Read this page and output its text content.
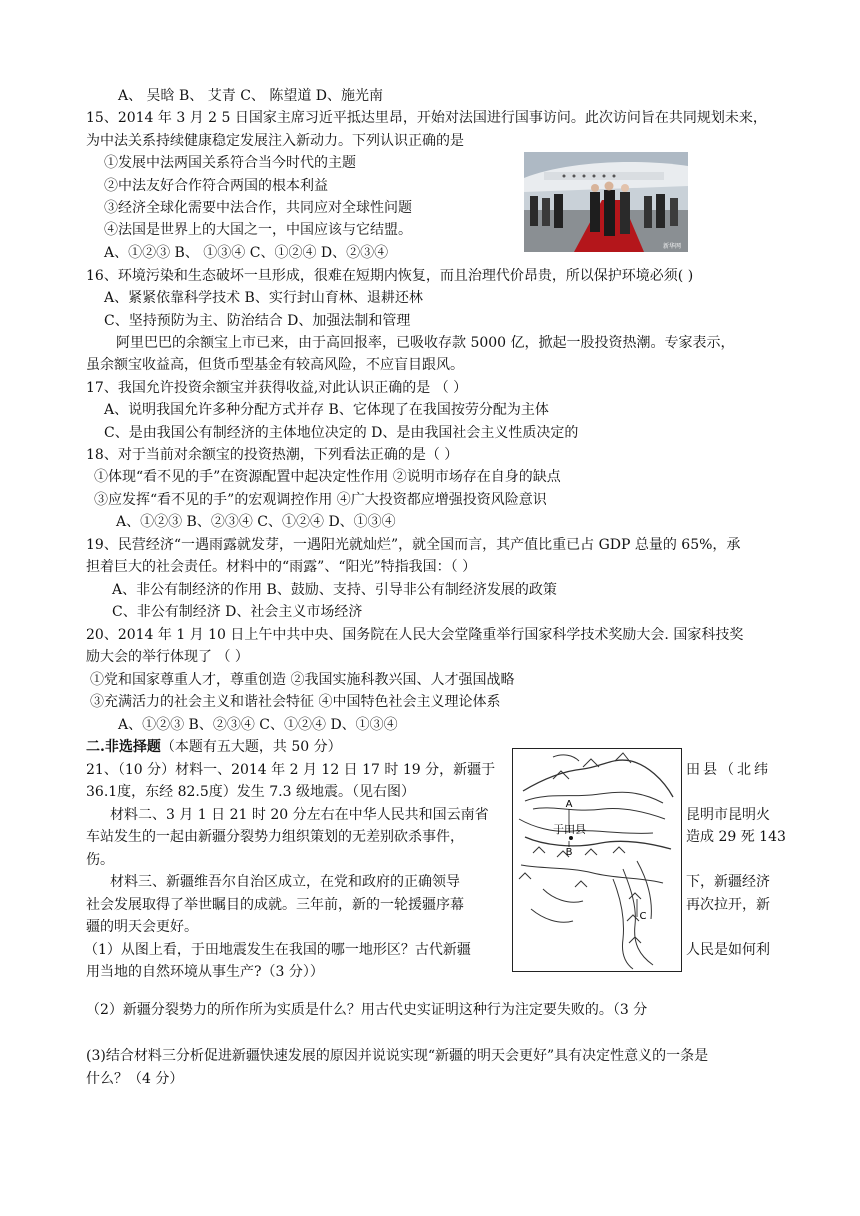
A、 吴晗 B、 艾青 C、 陈望道 D、施光南
15、2014 年 3 月 2 5 日国家主席习近平抵达里昂，开始对法国进行国事访问。此次访问旨在共同规划未来，
为中法关系持续健康稳定发展注入新动力。下列认识正确的是
①发展中法两国关系符合当今时代的主题
②中法友好合作符合两国的根本利益
③经济全球化需要中法合作，共同应对全球性问题
④法国是世界上的大国之一，中国应该与它结盟。
A、①②③ B、 ①③④ C、①②④ D、②③④	新华网
16、环境污染和生态破坏一旦形成，很难在短期内恢复，而且治理代价昂贵，所以保护环境必须( )
A、紧紧依靠科学技术 B、实行封山育林、退耕还林
C、坚持预防为主、防治结合 D、加强法制和管理
阿里巴巴的余额宝上市已来，由于高回报率，已吸收存款 5000 亿，掀起一股投资热潮。专家表示，
虽余额宝收益高，但货币型基金有较高风险，不应盲目跟风。
17、我国允许投资余额宝并获得收益,对此认识正确的是 （ ）
A、说明我国允许多种分配方式并存 B、它体现了在我国按劳分配为主体
C、是由我国公有制经济的主体地位决定的 D、是由我国社会主义性质决定的
18、对于当前对余额宝的投资热潮，下列看法正确的是（ ）
①体现“看不见的手”在资源配置中起决定性作用 ②说明市场存在自身的缺点
③应发挥“看不见的手”的宏观调控作用 ④广大投资都应增强投资风险意识
A、①②③ B、②③④ C、①②④ D、①③④
19、民营经济“一遇雨露就发芽，一遇阳光就灿烂”，就全国而言，其产值比重已占 GDP 总量的 65%，承
担着巨大的社会责任。材料中的“雨露”、“阳光”特指我国：（ ）
A、非公有制经济的作用 B、鼓励、支持、引导非公有制经济发展的政策
C、非公有制经济 D、社会主义市场经济
20、2014 年 1 月 10 日上午中共中央、国务院在人民大会堂隆重举行国家科学技术奖励大会. 国家科技奖
励大会的举行体现了 （ ）
①党和国家尊重人才，尊重创造 ②我国实施科教兴国、人才强国战略
③充满活力的社会主义和谐社会特征 ④中国特色社会主义理论体系
A、①②③ B、②③④ C、①②④ D、①③④
二.非选择题（本题有五大题，共 50 分）
21、（10 分）材料一、2014 年 2 月 12 日 17 时 19 分，新疆于
36.1度，东经 82.5度）发生 7.3 级地震。（见右图）
材料二、3 月 1 日 21 时 20 分左右在中华人民共和国云南省
车站发生的一起由新疆分裂势力组织策划的无差别砍杀事件，
伤。
材料三、新疆维吾尔自治区成立，在党和政府的正确领导
社会发展取得了举世瞩目的成就。三年前，新的一轮援疆序幕
疆的明天会更好。
（1）从图上看，于田地震发生在我国的哪一地形区？古代新疆
用当地的自然环境从事生产?（3 分））
田县（北纬
昆明市昆明火
造成 29 死 143
下，新疆经济
再次拉开，新
人民是如何利
A
于田县
B
C
（2）新疆分裂势力的所作所为实质是什么？用古代史实证明这种行为注定要失败的。（3 分
(3)结合材料三分析促进新疆快速发展的原因并说说实现“新疆的明天会更好”具有决定性意义的一条是
什么？（4 分）
